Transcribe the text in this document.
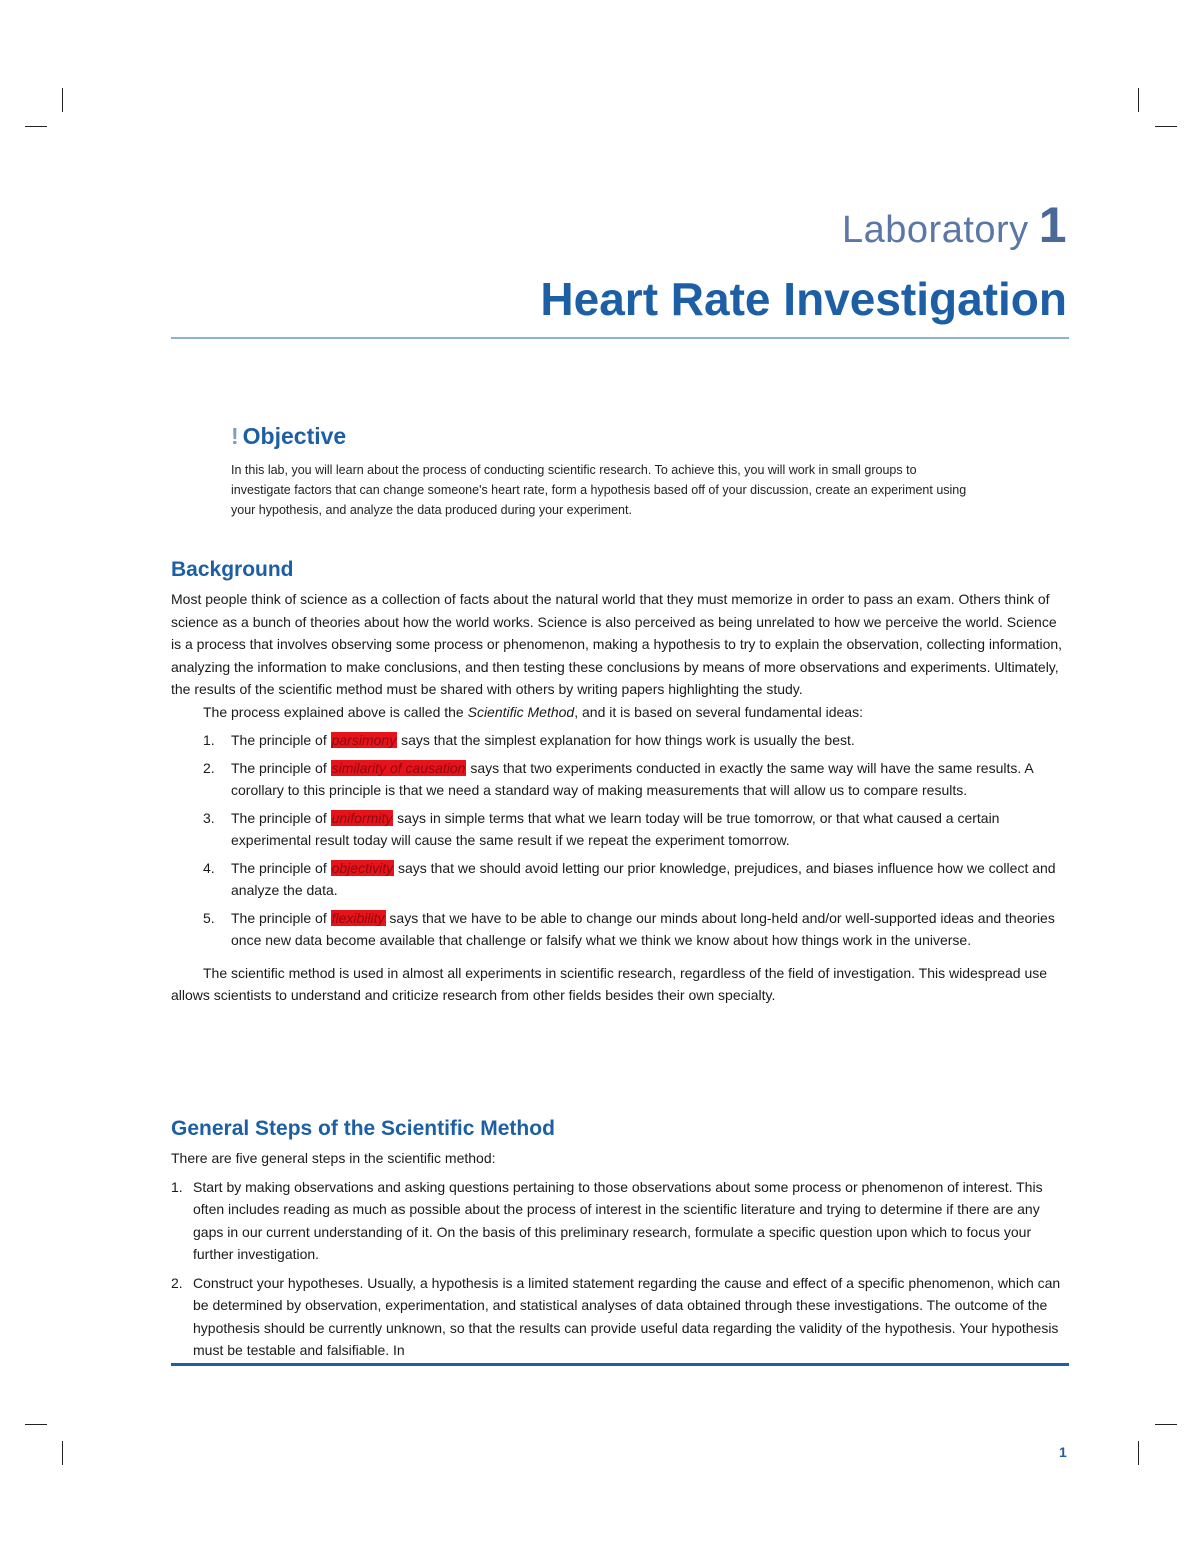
Laboratory 1
Heart Rate Investigation
! Objective
In this lab, you will learn about the process of conducting scientific research. To achieve this, you will work in small groups to investigate factors that can change someone's heart rate, form a hypothesis based off of your discussion, create an experiment using your hypothesis, and analyze the data produced during your experiment.
Background

Most people think of science as a collection of facts about the natural world that they must memorize in order to pass an exam. Others think of science as a bunch of theories about how the world works. Science is also perceived as being unrelated to how we perceive the world. Science is a process that involves observing some process or phenomenon, making a hypothesis to try to explain the observation, collecting information, analyzing the information to make conclusions, and then testing these conclusions by means of more observations and experiments. Ultimately, the results of the scientific method must be shared with others by writing papers highlighting the study.

The process explained above is called the Scientific Method, and it is based on several fundamental ideas:

1. The principle of parsimony says that the simplest explanation for how things work is usually the best.
2. The principle of similarity of causation says that two experiments conducted in exactly the same way will have the same results. A corollary to this principle is that we need a standard way of making measurements that will allow us to compare results.
3. The principle of uniformity says in simple terms that what we learn today will be true tomorrow, or that what caused a certain experimental result today will cause the same result if we repeat the experiment tomorrow.
4. The principle of objectivity says that we should avoid letting our prior knowledge, prejudices, and biases influence how we collect and analyze the data.
5. The principle of flexibility says that we have to be able to change our minds about long-held and/or well-supported ideas and theories once new data become available that challenge or falsify what we think we know about how things work in the universe.

The scientific method is used in almost all experiments in scientific research, regardless of the field of investigation. This widespread use allows scientists to understand and criticize research from other fields besides their own specialty.

General Steps of the Scientific Method

There are five general steps in the scientific method:

1. Start by making observations and asking questions pertaining to those observations about some process or phenomenon of interest. This often includes reading as much as possible about the process of interest in the scientific literature and trying to determine if there are any gaps in our current understanding of it. On the basis of this preliminary research, formulate a specific question upon which to focus your further investigation.
2. Construct your hypotheses. Usually, a hypothesis is a limited statement regarding the cause and effect of a specific phenomenon, which can be determined by observation, experimentation, and statistical analyses of data obtained through these investigations. The outcome of the hypothesis should be currently unknown, so that the results can provide useful data regarding the validity of the hypothesis. Your hypothesis must be testable and falsifiable. In
1
